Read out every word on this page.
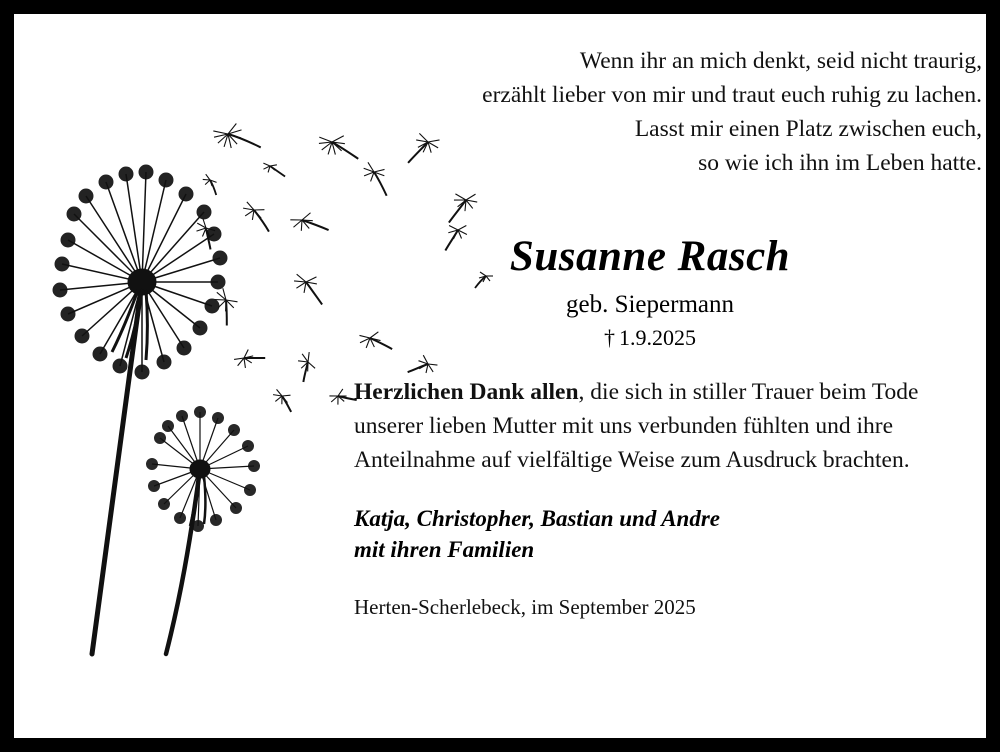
Wenn ihr an mich denkt, seid nicht traurig,
erzählt lieber von mir und traut euch ruhig zu lachen.
Lasst mir einen Platz zwischen euch,
so wie ich ihn im Leben hatte.
Susanne Rasch
geb. Siepermann
† 1.9.2025

Herzlichen Dank allen, die sich in stiller Trauer beim Tode unserer lieben Mutter mit uns verbunden fühlten und ihre Anteilnahme auf vielfältige Weise zum Ausdruck brachten.

Katja, Christopher, Bastian und Andre
mit ihren Familien
Herten-Scherlebeck, im September 2025
